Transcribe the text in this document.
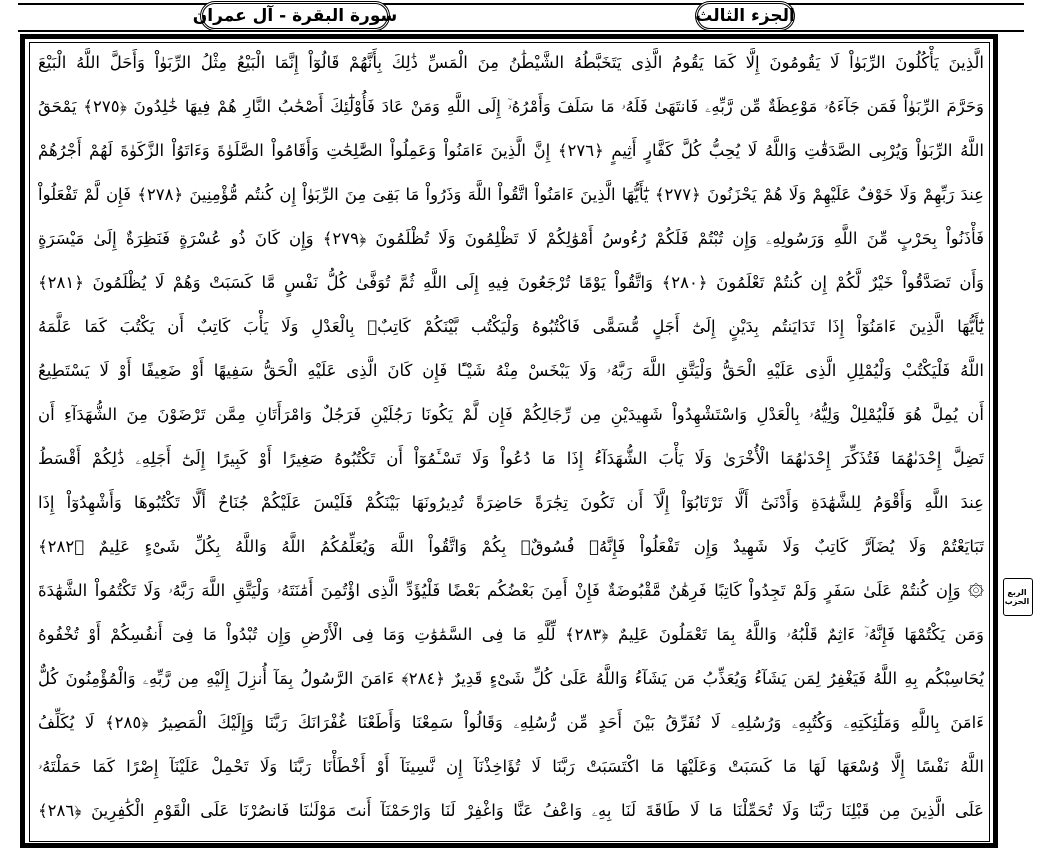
سورة البقرة - آل عمران	الجزء الثالث
الربع
الحزب
الَّذِينَ يَأْكُلُونَ الرِّبَوٰاْ لَا يَقُومُونَ إِلَّا كَمَا يَقُومُ الَّذِى يَتَخَبَّطُهُ الشَّيْطَٰنُ مِنَ الْمَسِّ ذَٰلِكَ بِأَنَّهُمْ قَالُوٓاْ إِنَّمَا الْبَيْعُ مِثْلُ الرِّبَوٰاْ وَأَحَلَّ اللَّهُ الْبَيْعَ
وَحَرَّمَ الرِّبَوٰاْ فَمَن جَآءَهُۥ مَوْعِظَةٌ مِّن رَّبِّهِۦ فَانتَهَىٰ فَلَهُۥ مَا سَلَفَ وَأَمْرُهُۥٓ إِلَى اللَّهِ وَمَنْ عَادَ فَأُوْلَٰٓئِكَ أَصْحَٰبُ النَّارِ هُمْ فِيهَا خَٰلِدُونَ ﴿٢٧٥﴾ يَمْحَقُ
اللَّهُ الرِّبَوٰاْ وَيُرْبِى الصَّدَقَٰتِ وَاللَّهُ لَا يُحِبُّ كُلَّ كَفَّارٍ أَثِيمٍ ﴿٢٧٦﴾ إِنَّ الَّذِينَ ءَامَنُواْ وَعَمِلُواْ الصَّٰلِحَٰتِ وَأَقَامُواْ الصَّلَوٰةَ وَءَاتَوُاْ الزَّكَوٰةَ لَهُمْ أَجْرُهُمْ
عِندَ رَبِّهِمْ وَلَا خَوْفٌ عَلَيْهِمْ وَلَا هُمْ يَحْزَنُونَ ﴿٢٧٧﴾ يَٰٓأَيُّهَا الَّذِينَ ءَامَنُواْ اتَّقُواْ اللَّهَ وَذَرُواْ مَا بَقِىَ مِنَ الرِّبَوٰاْ إِن كُنتُم مُّؤْمِنِينَ ﴿٢٧٨﴾ فَإِن لَّمْ تَفْعَلُواْ
فَأْذَنُواْ بِحَرْبٍ مِّنَ اللَّهِ وَرَسُولِهِۦ وَإِن تُبْتُمْ فَلَكُمْ رُءُوسُ أَمْوَٰلِكُمْ لَا تَظْلِمُونَ وَلَا تُظْلَمُونَ ﴿٢٧٩﴾ وَإِن كَانَ ذُو عُسْرَةٍ فَنَظِرَةٌ إِلَىٰ مَيْسَرَةٍ
وَأَن تَصَدَّقُواْ خَيْرٌ لَّكُمْ إِن كُنتُمْ تَعْلَمُونَ ﴿٢٨٠﴾ وَاتَّقُواْ يَوْمًا تُرْجَعُونَ فِيهِ إِلَى اللَّهِ ثُمَّ تُوَفَّىٰ كُلُّ نَفْسٍ مَّا كَسَبَتْ وَهُمْ لَا يُظْلَمُونَ ﴿٢٨١﴾
يَٰٓأَيُّهَا الَّذِينَ ءَامَنُوٓاْ إِذَا تَدَايَنتُم بِدَيْنٍ إِلَىٰٓ أَجَلٍ مُّسَمًّى فَاكْتُبُوهُ وَلْيَكْتُب بَّيْنَكُمْ كَاتِبٌۢ بِالْعَدْلِ وَلَا يَأْبَ كَاتِبٌ أَن يَكْتُبَ كَمَا عَلَّمَهُ
اللَّهُ فَلْيَكْتُبْ وَلْيُمْلِلِ الَّذِى عَلَيْهِ الْحَقُّ وَلْيَتَّقِ اللَّهَ رَبَّهُۥ وَلَا يَبْخَسْ مِنْهُ شَيْـًٔا فَإِن كَانَ الَّذِى عَلَيْهِ الْحَقُّ سَفِيهًا أَوْ ضَعِيفًا أَوْ لَا يَسْتَطِيعُ
أَن يُمِلَّ هُوَ فَلْيُمْلِلْ وَلِيُّهُۥ بِالْعَدْلِ وَاسْتَشْهِدُواْ شَهِيدَيْنِ مِن رِّجَالِكُمْ فَإِن لَّمْ يَكُونَا رَجُلَيْنِ فَرَجُلٌ وَامْرَأَتَانِ مِمَّن تَرْضَوْنَ مِنَ الشُّهَدَآءِ أَن
تَضِلَّ إِحْدَىٰهُمَا فَتُذَكِّرَ إِحْدَىٰهُمَا الْأُخْرَىٰ وَلَا يَأْبَ الشُّهَدَآءُ إِذَا مَا دُعُواْ وَلَا تَسْـَٔمُوٓاْ أَن تَكْتُبُوهُ صَغِيرًا أَوْ كَبِيرًا إِلَىٰٓ أَجَلِهِۦ ذَٰلِكُمْ أَقْسَطُ
عِندَ اللَّهِ وَأَقْوَمُ لِلشَّهَٰدَةِ وَأَدْنَىٰٓ أَلَّا تَرْتَابُوٓاْ إِلَّآ أَن تَكُونَ تِجَٰرَةً حَاضِرَةً تُدِيرُونَهَا بَيْنَكُمْ فَلَيْسَ عَلَيْكُمْ جُنَاحٌ أَلَّا تَكْتُبُوهَا وَأَشْهِدُوٓاْ إِذَا
تَبَايَعْتُمْ وَلَا يُضَآرَّ كَاتِبٌ وَلَا شَهِيدٌ وَإِن تَفْعَلُواْ فَإِنَّهُۥ فُسُوقٌۢ بِكُمْ وَاتَّقُواْ اللَّهَ وَيُعَلِّمُكُمُ اللَّهُ وَاللَّهُ بِكُلِّ شَىْءٍ عَلِيمٌ ﴿٢٨٢﴾
۞ وَإِن كُنتُمْ عَلَىٰ سَفَرٍ وَلَمْ تَجِدُواْ كَاتِبًا فَرِهَٰنٌ مَّقْبُوضَةٌ فَإِنْ أَمِنَ بَعْضُكُم بَعْضًا فَلْيُؤَدِّ الَّذِى اؤْتُمِنَ أَمَٰنَتَهُۥ وَلْيَتَّقِ اللَّهَ رَبَّهُۥ وَلَا تَكْتُمُواْ الشَّهَٰدَةَ
وَمَن يَكْتُمْهَا فَإِنَّهُۥٓ ءَاثِمٌ قَلْبُهُۥ وَاللَّهُ بِمَا تَعْمَلُونَ عَلِيمٌ ﴿٢٨٣﴾ لِّلَّهِ مَا فِى السَّمَٰوَٰتِ وَمَا فِى الْأَرْضِ وَإِن تُبْدُواْ مَا فِىٓ أَنفُسِكُمْ أَوْ تُخْفُوهُ
يُحَاسِبْكُم بِهِ اللَّهُ فَيَغْفِرُ لِمَن يَشَآءُ وَيُعَذِّبُ مَن يَشَآءُ وَاللَّهُ عَلَىٰ كُلِّ شَىْءٍ قَدِيرٌ ﴿٢٨٤﴾ ءَامَنَ الرَّسُولُ بِمَآ أُنزِلَ إِلَيْهِ مِن رَّبِّهِۦ وَالْمُؤْمِنُونَ كُلٌّ
ءَامَنَ بِاللَّهِ وَمَلَٰٓئِكَتِهِۦ وَكُتُبِهِۦ وَرُسُلِهِۦ لَا نُفَرِّقُ بَيْنَ أَحَدٍ مِّن رُّسُلِهِۦ وَقَالُواْ سَمِعْنَا وَأَطَعْنَا غُفْرَانَكَ رَبَّنَا وَإِلَيْكَ الْمَصِيرُ ﴿٢٨٥﴾ لَا يُكَلِّفُ
اللَّهُ نَفْسًا إِلَّا وُسْعَهَا لَهَا مَا كَسَبَتْ وَعَلَيْهَا مَا اكْتَسَبَتْ رَبَّنَا لَا تُؤَاخِذْنَآ إِن نَّسِينَآ أَوْ أَخْطَأْنَا رَبَّنَا وَلَا تَحْمِلْ عَلَيْنَآ إِصْرًا كَمَا حَمَلْتَهُۥ
عَلَى الَّذِينَ مِن قَبْلِنَا رَبَّنَا وَلَا تُحَمِّلْنَا مَا لَا طَاقَةَ لَنَا بِهِۦ وَاعْفُ عَنَّا وَاغْفِرْ لَنَا وَارْحَمْنَآ أَنتَ مَوْلَىٰنَا فَانصُرْنَا عَلَى الْقَوْمِ الْكَٰفِرِينَ ﴿٢٨٦﴾
